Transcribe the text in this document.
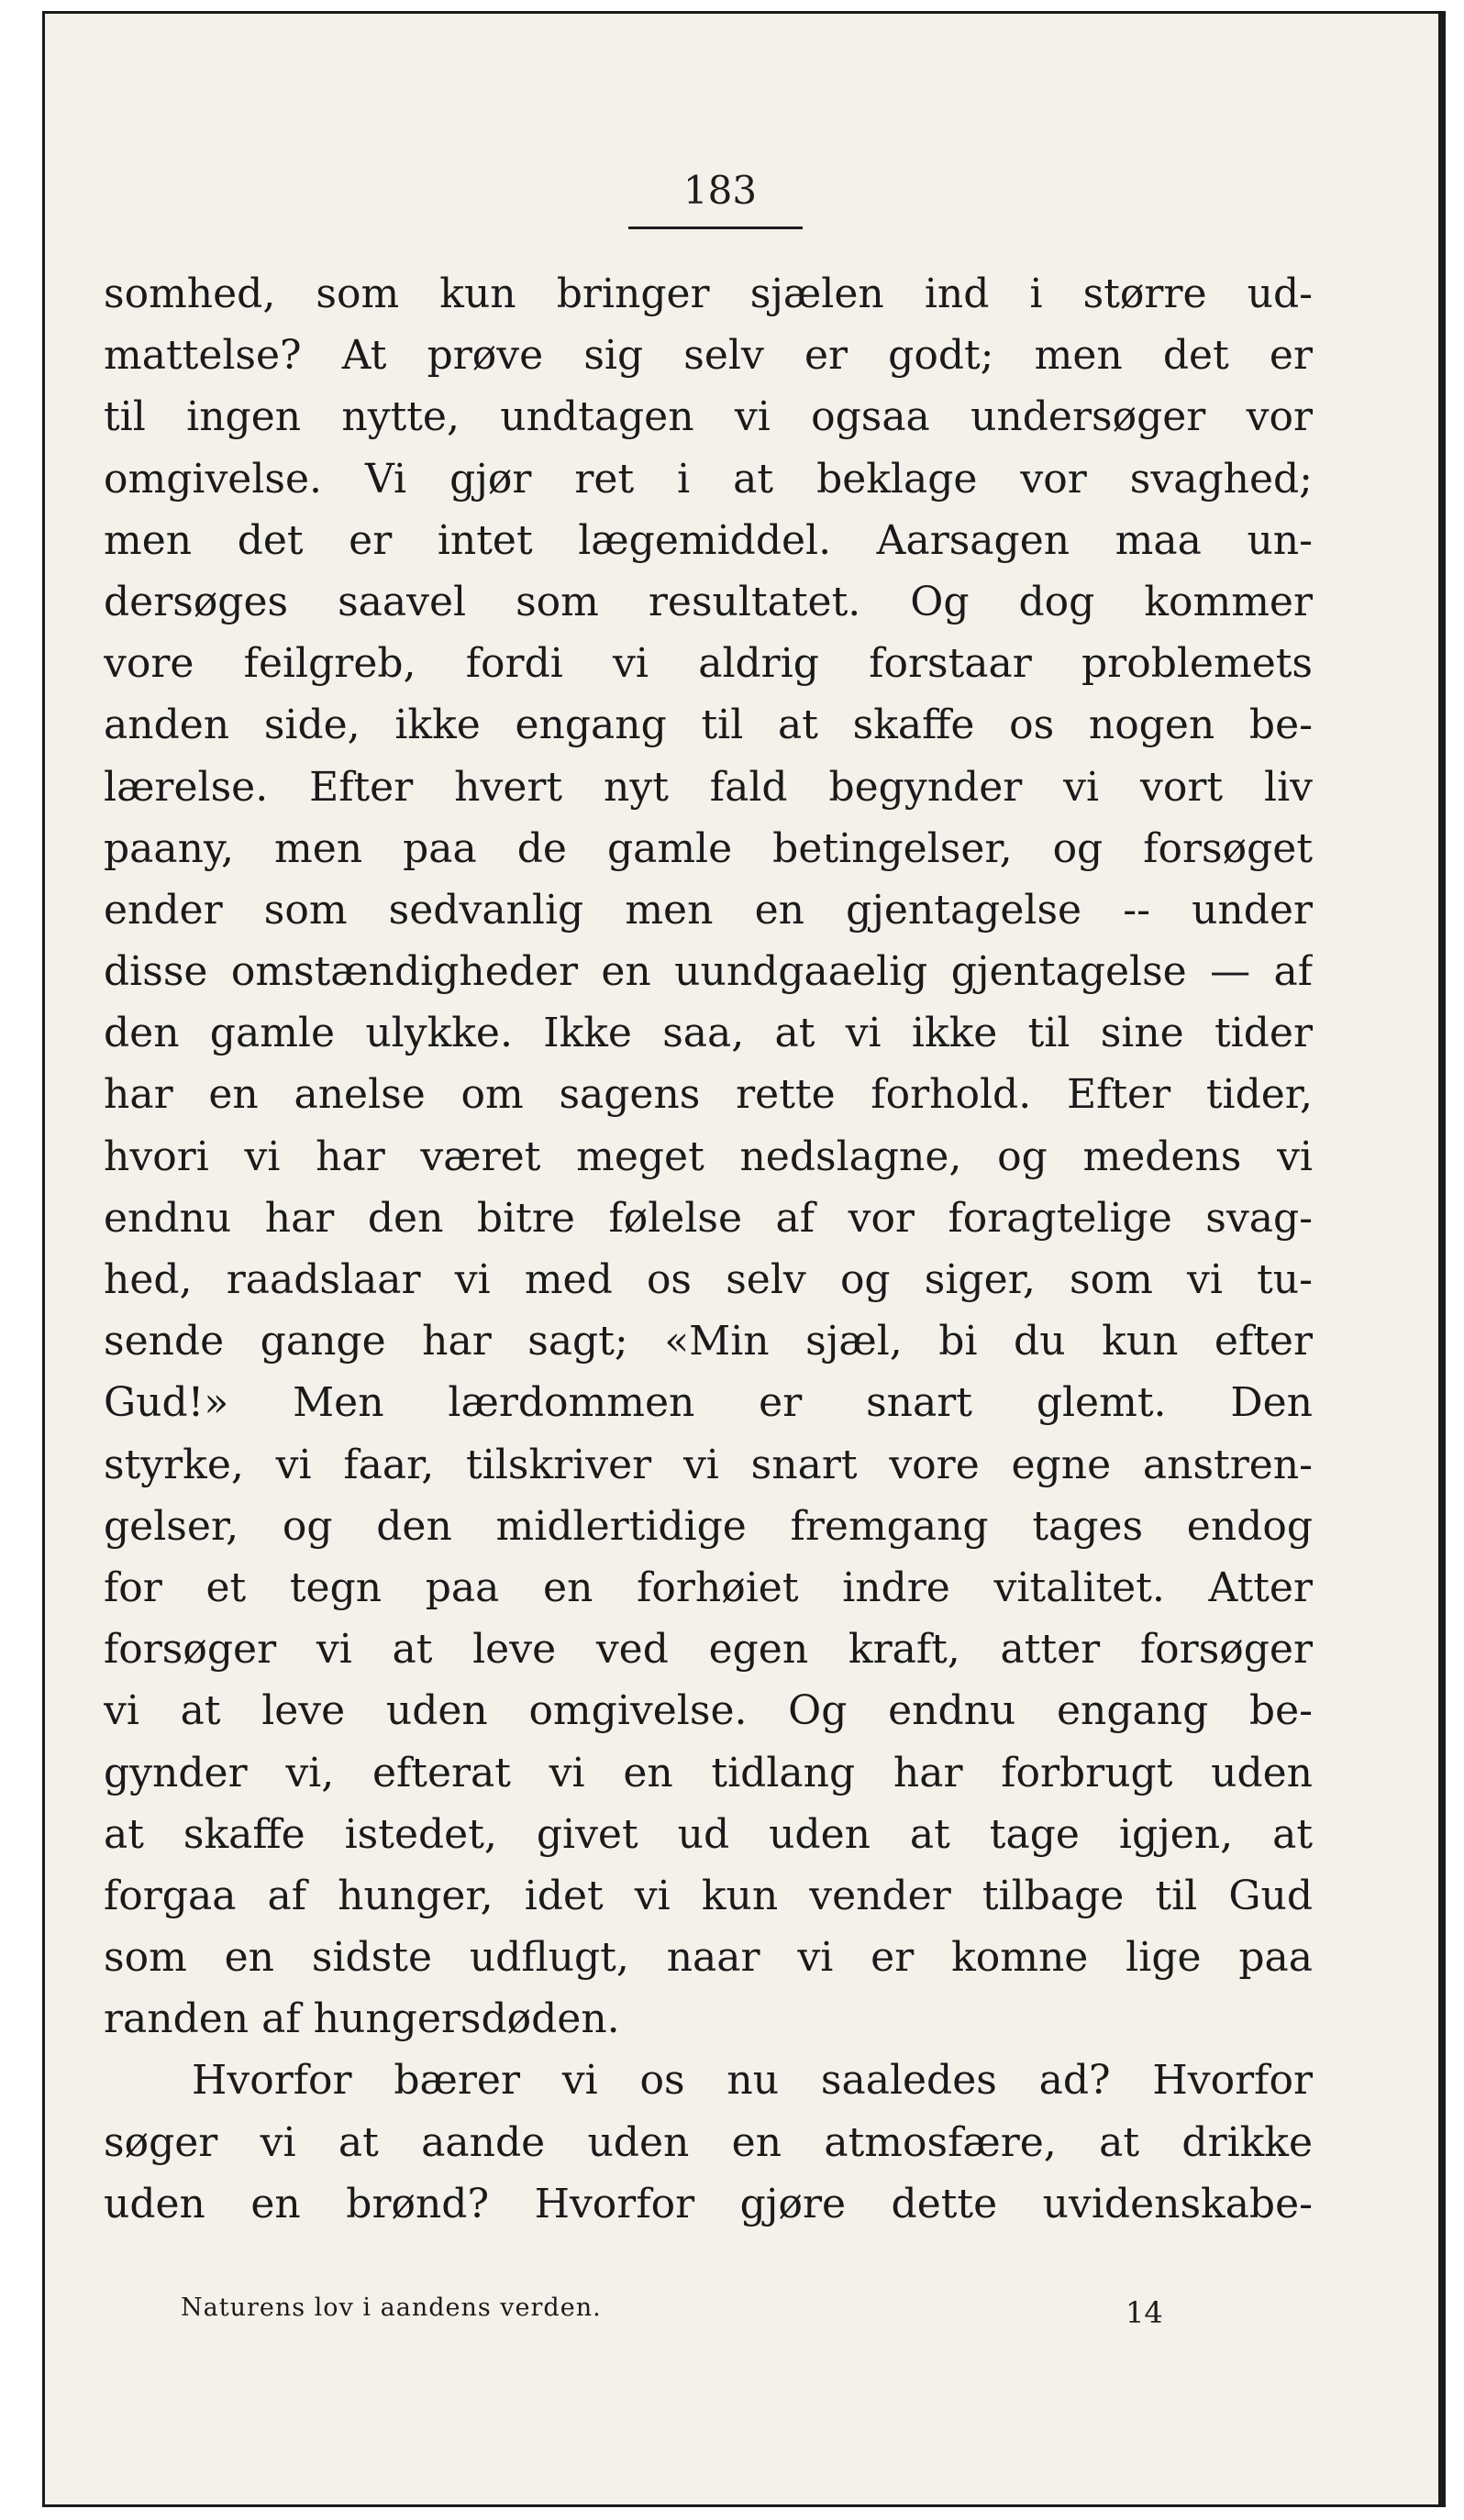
183
somhed, som kun bringer sjælen ind i større ud-
mattelse? At prøve sig selv er godt; men det er
til ingen nytte, undtagen vi ogsaa undersøger vor
omgivelse. Vi gjør ret i at beklage vor svaghed;
men det er intet lægemiddel. Aarsagen maa un-
dersøges saavel som resultatet. Og dog kommer
vore feilgreb, fordi vi aldrig forstaar problemets
anden side, ikke engang til at skaffe os nogen be-
lærelse. Efter hvert nyt fald begynder vi vort liv
paany, men paa de gamle betingelser, og forsøget
ender som sedvanlig men en gjentagelse -- under
disse omstændigheder en uundgaaelig gjentagelse — af
den gamle ulykke. Ikke saa, at vi ikke til sine tider
har en anelse om sagens rette forhold. Efter tider,
hvori vi har været meget nedslagne, og medens vi
endnu har den bitre følelse af vor foragtelige svag-
hed, raadslaar vi med os selv og siger, som vi tu-
sende gange har sagt; «Min sjæl, bi du kun efter
Gud!» Men lærdommen er snart glemt. Den
styrke, vi faar, tilskriver vi snart vore egne anstren-
gelser, og den midlertidige fremgang tages endog
for et tegn paa en forhøiet indre vitalitet. Atter
forsøger vi at leve ved egen kraft, atter forsøger
vi at leve uden omgivelse. Og endnu engang be-
gynder vi, efterat vi en tidlang har forbrugt uden
at skaffe istedet, givet ud uden at tage igjen, at
forgaa af hunger, idet vi kun vender tilbage til Gud
som en sidste udflugt, naar vi er komne lige paa
randen af hungersdøden.
Hvorfor bærer vi os nu saaledes ad? Hvorfor
søger vi at aande uden en atmosfære, at drikke
uden en brønd? Hvorfor gjøre dette uvidenskabe-
Naturens lov i aandens verden.	14
